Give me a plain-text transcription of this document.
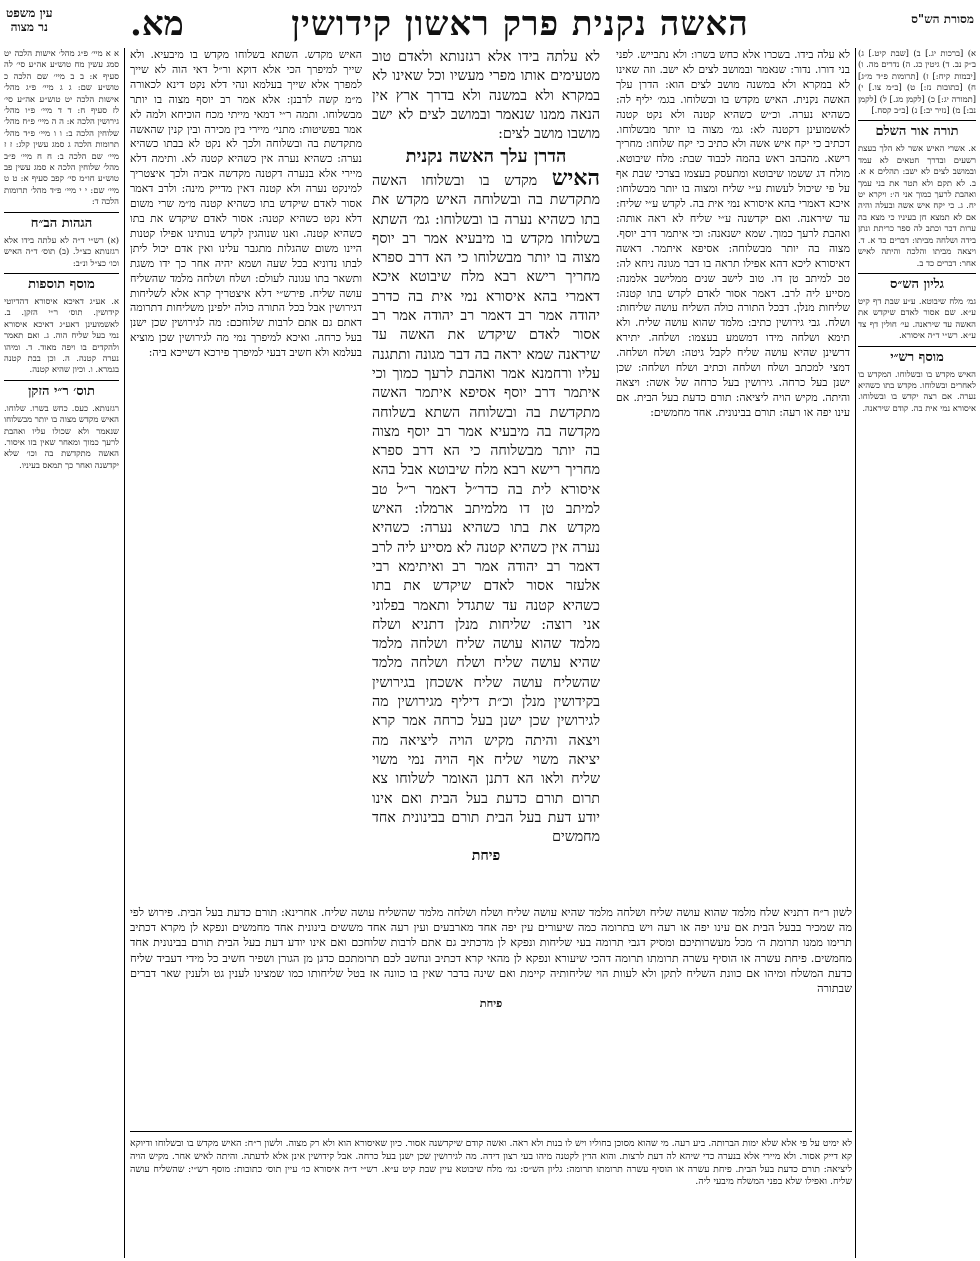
מסורת הש"ס
האשה נקנית פרק ראשון קידושין
מא.
עין משפט
נר מצוה

א) [ברכות יג.] ב) [שבת קיט.] ג) ב״ק נב. ד) גיטין כג. ה) נדרים מה. ו) [יבמות קיח:] ז) [תרומות פ״ד מ״ג] ח) [כתובות נז:] ט) [ב״מ צו.] י) [תמורה יג:] כ) [לקמן מג.] ל) [לקמן נב:] מ) [נזיר יב:] נ) [ב״ב קסח.]

תורה אור השלם

א. אשרי האיש אשר לא הלך בעצת רשעים ובדרך חטאים לא עמד ובמושב לצים לא ישב: תהלים א א. ב. לא תקם ולא תטר את בני עמך ואהבת לרעך כמוך אני ה׳: ויקרא יט יח. ג. כי יקח איש אשה ובעלה והיה אם לא תמצא חן בעיניו כי מצא בה ערות דבר וכתב לה ספר כריתת ונתן בידה ושלחה מביתו: דברים כד א. ד. ויצאה מביתו והלכה והיתה לאיש אחר: דברים כד ב.

גליון הש״ס

גמ׳ מלח שיבוטא. ע״ע שבת דף קיט ע״א. שם אסור לאדם שיקדש את האשה עד שיראנה. עי׳ חולין דף צד ע״א. רש״י ד״ה איסורא.

מוסף רש״י

האיש מקדש בו ובשלוחו. המקדש בו לאחרים ובשלוחו. מקדש בתו כשהיא נערה. אם רצה יקדש בו ובשלוחו. איסורא נמי אית בה. קודם שיראנה.

א א מיי׳ פ״ג מהל׳ אישות הלכה יט סמג עשין מח טוש״ע אה״ע סי׳ לה סעיף א: ב ב מיי׳ שם הלכה כ טוש״ע שם: ג ג מיי׳ פ״ג מהל׳ אישות הלכה יט טוש״ע אה״ע סי׳ לז סעיף ח: ד ד מיי׳ פ״ו מהל׳ גירושין הלכה א: ה ה מיי׳ פ״ח מהל׳ שלוחין הלכה ב: ו ו מיי׳ פ״ד מהל׳ תרומות הלכה ג סמג עשין קלג: ז ז מיי׳ שם הלכה ב: ח ח מיי׳ פ״ב מהל׳ שלוחין הלכה א סמג עשין פב טוש״ע חו״מ סי׳ קפב סעיף א: ט ט מיי׳ שם: י י מיי׳ פ״ד מהל׳ תרומות הלכה ד:

הגהות הב״ח

(א) רש״י ד״ה לא עלתה בידו אלא רגזנותא כצ״ל. (ב) תוס׳ ד״ה האיש וכו׳ כצ״ל ונ״ב:

מוסף תוספות

א. אע״ג דאיכא איסורא דהדיוטי קידושין. תוס׳ ר״י הזקן. ב. לאשמועינן דאע״ג דאיכא איסורא נמי בעל שליח הוה. ג. ואם תאמר ולהקדים בו ויפה מאוד. ד. ומיהו נערה קטנה. ה. וכן בבת קטנה בגמרא. ו. וכיון שהיא קטנה.

תוס׳ ר״י הזקן

רגזנותא. כעס. כחש בשרו. שלוחו. האיש מקדש מצוה בו יותר מבשלוחו שנאמר ולא שכולו עליו ואהבת לרעך כמוך ומאחר שאין בזו איסור. האשה מתקדשת בה וכו׳ שלא יקדשנה ואחר כך תמאס בעיניו.

לא עלה בידו. בשכרו אלא כחש בשרו: ולא נתבייש. לפני בני דורו. נדור: שנאמר ובמושב לצים לא ישב. וזה שאינו לא במקרא ולא במשנה מושב לצים הוא: הדרן עלך האשה נקנית. האיש מקדש בו ובשלוחו. בגמ׳ יליף לה: כשהיא נערה. וכ״ש כשהיא קטנה ולא נקט קטנה לאשמועינן דקטנה לא: גמ׳ מצוה בו יותר מבשלוחו. דכתיב כי יקח איש אשה ולא כתיב כי יקח שלוחו: מחריך רישא. מהבהב ראש בהמה לכבוד שבת: מלח שיבוטא. מולח דג ששמו שיבוטא ומתעסק בעצמו בצרכי שבת אף על פי שיכול לעשות ע״י שליח ומצוה בו יותר מבשלוחו: איכא דאמרי בהא איסורא נמי אית בה. לקדש ע״י שליח: עד שיראנה. ואם יקדשנה ע״י שליח לא ראה אותה: ואהבת לרעך כמוך. שמא ישנאנה: וכי איתמר דרב יוסף. מצוה בה יותר מבשלוחה: אסיפא איתמר. דאשה דאיסורא ליכא דהא אפילו תראה בו דבר מגונה ניחא לה: טב למיתב טן דו. טוב לישב שנים ממלישב אלמנה: מסייע ליה לרב. דאמר אסור לאדם לקדש בתו קטנה: שליחות מנלן. דבכל התורה כולה השליח עושה שליחות: ושלח. גבי גירושין כתיב: מלמד שהוא עושה שליח. ולא תימא ושלחה מידו דמשמע בעצמו: ושלחה. יתירא דרשינן שהיא עושה שליח לקבל גיטה: ושלח ושלחה. דמצי למכתב ושלח ושלחה וכתיב ושלח ושלחה: שכן ישנן בעל כרחה. גירושין בעל כרחה של אשה: ויצאה והיתה. מקיש הויה ליציאה: תורם כדעת בעל הבית. אם עינו יפה או רעה: תורם בבינונית. אחד מחמשים:

האיש מקדש. השתא בשלוחו מקדש בו מיבעיא. ולא שייך למיפרך הכי אלא דוקא ור״ל דאי הוה לא שייך למפרך אלא שייך בעלמא ונהי דלא נקט דינא לכאורה מ״מ קשה לרבנן: אלא אמר רב יוסף מצוה בו יותר מבשלוחו. ותמה ר״י דמאי מייתי מכח הוכיחא ולמה לא אמר בפשיטות: מתני׳ מיירי בין מכירה ובין קנין שהאשה מתקדשת בה ובשלוחה ולכך לא נקט לא בבתו כשהיא נערה: כשהיא נערה אין כשהיא קטנה לא. ותימה דלא מיירי אלא בנערה דקטנה מקדשה אביה ולכך איצטריך למינקט נערה ולא קטנה דאין מדייק מינה: ולרב דאמר אסור לאדם שיקדש בתו כשהיא קטנה מ״מ שרי משום דלא נקט כשהיא קטנה: אסור לאדם שיקדש את בתו כשהיא קטנה. ואנו שנוהגין לקדש בנותינו אפילו קטנות היינו משום שהגלות מתגבר עלינו ואין אדם יכול ליתן לבתו נדוניא בכל שעה ושמא יהיה אחר כך ידו משגת ותשאר בתו עגונה לעולם: ושלח ושלחה מלמד שהשליח עושה שליח. פירש״י דלא איצטריך קרא אלא לשליחות דגירושין אבל בכל התורה כולה ילפינן משליחות דתרומה דאתם גם אתם לרבות שלוחכם: מה לגירושין שכן ישנן בעל כרחה. ואיכא למיפרך נמי מה לגירושין שכן מוציא בעלמא ולא חשיב דבעי למיפרך פירכא דשייכא ביה:

לא עלתה בידו אלא רגזנותא ולאדם טוב מטעימים אותו מפרי מעשיו וכל שאינו לא במקרא ולא במשנה ולא בדרך ארץ אין הנאה ממנו שנאמר ובמושב לצים לא ישב מושבו מושב לצים:

הדרן עלך האשה נקנית

האיש מקדש בו ובשלוחו האשה מתקדשת בה ובשלוחה האיש מקדש את בתו כשהיא נערה בו ובשלוחו: גמ׳ השתא בשלוחו מקדש בו מיבעיא אמר רב יוסף מצוה בו יותר מבשלוחו כי הא דרב ספרא מחריך רישא רבא מלח שיבוטא איכא דאמרי בהא איסורא נמי אית בה כדרב יהודה אמר רב דאמר רב יהודה אמר רב אסור לאדם שיקדש את האשה עד שיראנה שמא יראה בה דבר מגונה ותתגנה עליו ורחמנא אמר ואהבת לרעך כמוך וכי איתמר דרב יוסף אסיפא איתמר האשה מתקדשת בה ובשלוחה השתא בשלוחה מקדשה בה מיבעיא אמר רב יוסף מצוה בה יותר מבשלוחה כי הא דרב ספרא מחריך רישא רבא מלח שיבוטא אבל בהא איסורא לית בה כדר״ל דאמר ר״ל טב למיתב טן דו מלמיתב ארמלו: האיש מקדש את בתו כשהיא נערה: כשהיא נערה אין כשהיא קטנה לא מסייע ליה לרב דאמר רב יהודה אמר רב ואיתימא רבי אלעזר אסור לאדם שיקדש את בתו כשהיא קטנה עד שתגדל ותאמר בפלוני אני רוצה: שליחות מנלן דתניא ושלח מלמד שהוא עושה שליח ושלחה מלמד שהיא עושה שליח ושלח ושלחה מלמד שהשליח עושה שליח אשכחן בגירושין בקידושין מנלן וכ״ת דיליף מגירושין מה לגירושין שכן ישנן בעל כרחה אמר קרא ויצאה והיתה מקיש הויה ליציאה מה יציאה משוי שליח אף הויה נמי משוי שליח ולאו הא דתנן האומר לשלוחו צא תרום תורם כדעת בעל הבית ואם אינו יודע דעת בעל הבית תורם בבינונית אחד מחמשים

פיחת

לשון ר״ח דתניא שלח מלמד שהוא עושה שליח ושלחה מלמד שהיא עושה שליח ושלח ושלחה מלמד שהשליח עושה שליח. אחרינא: תורם כדעת בעל הבית. פירוש לפי מה שמכיר בבעל הבית אם עינו יפה או רעה ויש בתרומה כמה שיעורים עין יפה אחד מארבעים ועין רעה אחד מששים בינונית אחד מחמשים ונפקא לן מקרא דכתיב תרימו ממנו תרומת ה׳ מכל מעשרותיכם ומסיק דגבי תרומה בעי שליחות ונפקא לן מדכתיב גם אתם לרבות שלוחכם ואם אינו יודע דעת בעל הבית תורם בבינונית אחד מחמשים. פיחת עשרה או הוסיף עשרה תרומתו תרומה דהכי שיעורא ונפקא לן מהאי קרא דכתיב ונחשב לכם תרומתכם כדגן מן הגורן ושפיר חשיב כל מידי דעביד שליח כדעת המשלח ומיהו אם כוונת השליח לתקן ולא לעוות הוי שליחותיה קיימת ואם שינה בדבר שאין בו כוונה אז בטל שליחותו כמו שמצינו לענין גט ולענין שאר דברים שבתורה

פיחת

לא ימיט על פי אלא שלא ימות הברותה. ביע רעה. מי שהוא מסוכן בחוליו ויש לו בנות ולא ראה. ואשה קודם שיקדשנה אסור. כיון שאיסורא הוא ולא רק מצוה. ולשון ר״ח: האיש מקדש בו ובשלוחו ודיוקא קא דייק אסור. ולא מיירי אלא בנערה כדי שיהא לה דעת לרצות. והוא הדין לקטנה מיהו בעי רצון דידה. מה לגירושין שכן ישנן בעל כרחה. אבל קידושין אינן אלא לדעתה. והיתה לאיש אחר. מקיש הויה ליציאה: תורם כדעת בעל הבית. פיחת עשרה או הוסיף עשרה תרומתו תרומה: גליון הש״ס: גמ׳ מלח שיבוטא עיין שבת קיט ע״א. רש״י ד״ה איסורא כו׳ עיין תוס׳ כתובות: מוסף רש״י: שהשליח עושה שליח. ואפילו שלא בפני המשלח מיבעי ליה.
